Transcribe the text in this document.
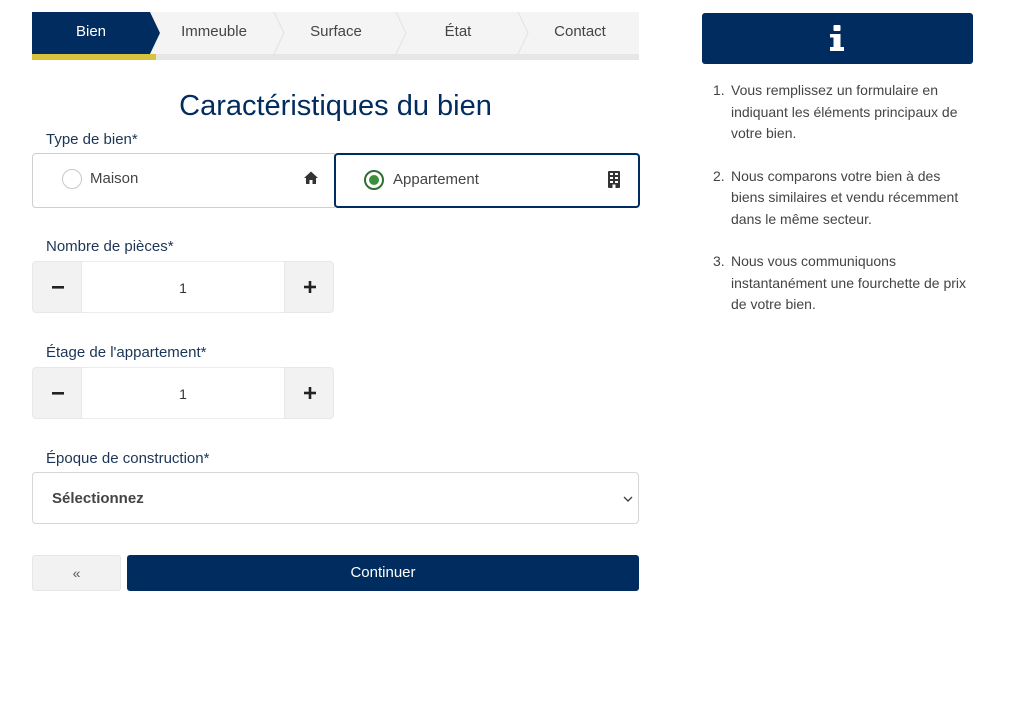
Bien	Immeuble	Surface	État	Contact
Caractéristiques du bien
Type de bien*
Maison	Appartement
Nombre de pièces*
1
Étage de l'appartement*
1
Époque de construction*
Sélectionnez
«	Continuer
1. Vous remplissez un formulaire en indiquant les éléments principaux de votre bien.
2. Nous comparons votre bien à des biens similaires et vendu récemment dans le même secteur.
3. Nous vous communiquons instantanément une fourchette de prix de votre bien.
